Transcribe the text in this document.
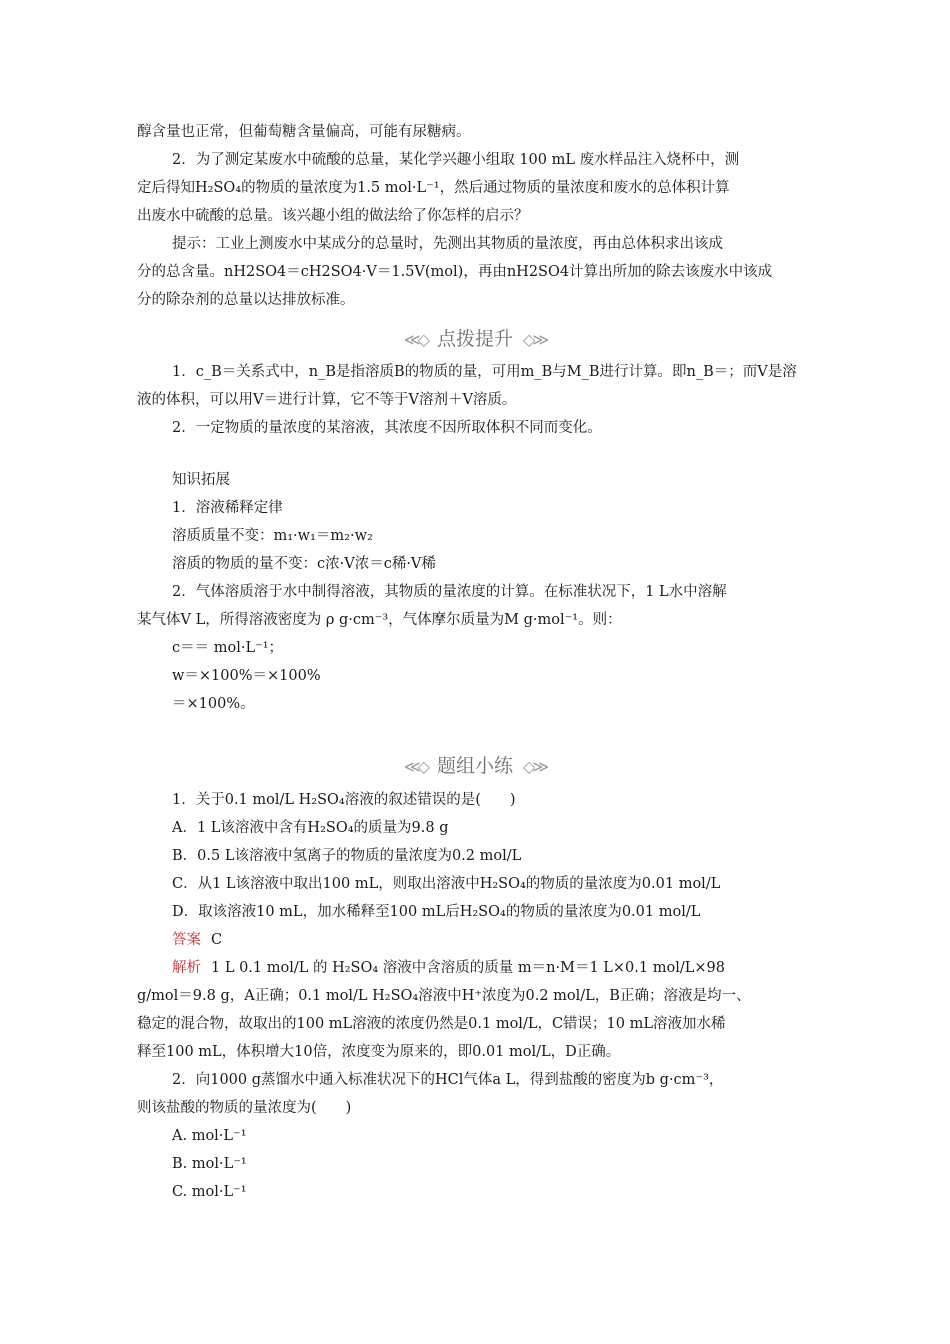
醇含量也正常，但葡萄糖含量偏高，可能有尿糖病。
2．为了测定某废水中硫酸的总量，某化学兴趣小组取 100 mL 废水样品注入烧杯中，测
定后得知H₂SO₄的物质的量浓度为1.5 mol·L⁻¹，然后通过物质的量浓度和废水的总体积计算
出废水中硫酸的总量。该兴趣小组的做法给了你怎样的启示？
提示：工业上测废水中某成分的总量时，先测出其物质的量浓度，再由总体积求出该成
分的总含量。nH2SO4＝cH2SO4·V＝1.5V(mol)，再由nH2SO4计算出所加的除去该废水中该成
分的除杂剂的总量以达排放标准。
≪◇ 点拨提升 ◇≫
1．c_B＝关系式中，n_B是指溶质B的物质的量，可用m_B与M_B进行计算。即n_B＝；而V是溶
液的体积，可以用V＝进行计算，它不等于V溶剂＋V溶质。
2．一定物质的量浓度的某溶液，其浓度不因所取体积不同而变化。
知识拓展
1．溶液稀释定律
溶质质量不变：m₁·w₁＝m₂·w₂
溶质的物质的量不变：c浓·V浓＝c稀·V稀
2．气体溶质溶于水中制得溶液，其物质的量浓度的计算。在标准状况下，1 L水中溶解
某气体V L，所得溶液密度为 ρ g·cm⁻³，气体摩尔质量为M g·mol⁻¹。则：
c＝＝ mol·L⁻¹；
w＝×100%＝×100%
＝×100%。
≪◇ 题组小练 ◇≫
1．关于0.1 mol/L H₂SO₄溶液的叙述错误的是(　　)
A．1 L该溶液中含有H₂SO₄的质量为9.8 g
B．0.5 L该溶液中氢离子的物质的量浓度为0.2 mol/L
C．从1 L该溶液中取出100 mL，则取出溶液中H₂SO₄的物质的量浓度为0.01 mol/L
D．取该溶液10 mL，加水稀释至100 mL后H₂SO₄的物质的量浓度为0.01 mol/L
答案 C
解析 1 L 0.1 mol/L 的 H₂SO₄ 溶液中含溶质的质量 m＝n·M＝1 L×0.1 mol/L×98
g/mol＝9.8 g，A正确；0.1 mol/L H₂SO₄溶液中H⁺浓度为0.2 mol/L，B正确；溶液是均一、
稳定的混合物，故取出的100 mL溶液的浓度仍然是0.1 mol/L，C错误；10 mL溶液加水稀
释至100 mL，体积增大10倍，浓度变为原来的，即0.01 mol/L，D正确。
2．向1000 g蒸馏水中通入标准状况下的HCl气体a L，得到盐酸的密度为b g·cm⁻³，
则该盐酸的物质的量浓度为(　　)
A. mol·L⁻¹
B. mol·L⁻¹
C. mol·L⁻¹
